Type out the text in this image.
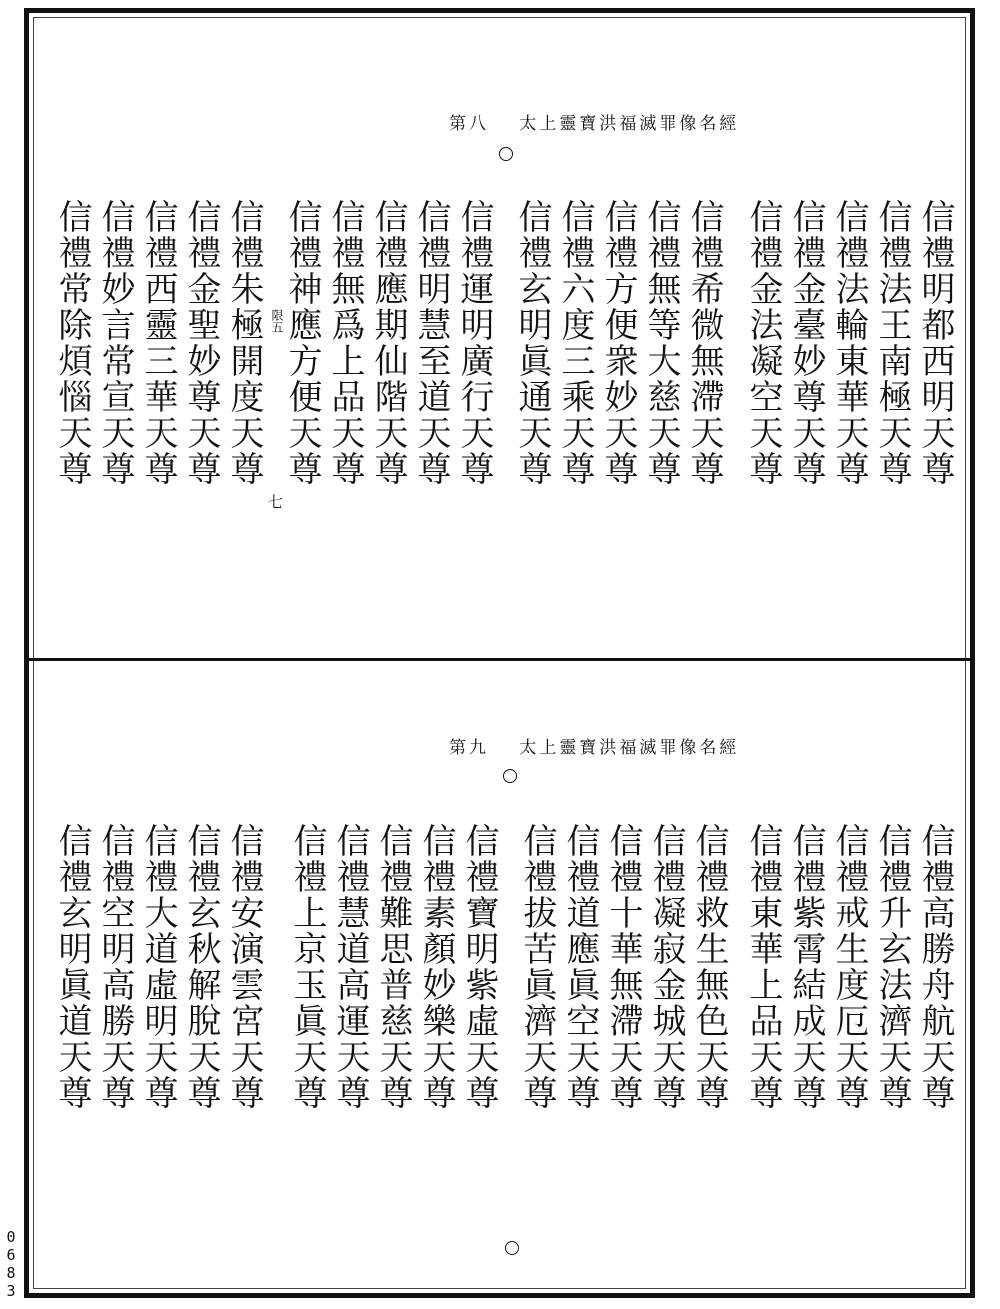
第八 太上靈寶洪福滅罪像名經
信禮明都西明天尊
信禮法王南極天尊
信禮法輪東華天尊
信禮金臺妙尊天尊
信禮金法凝空天尊
信禮希微無滯天尊
信禮無等大慈天尊
信禮方便衆妙天尊
信禮六度三乘天尊
信禮玄明眞通天尊
信禮運明廣行天尊
信禮明慧至道天尊
信禮應期仙階天尊
信禮無爲上品天尊
信禮神應方便天尊
信禮朱極開度天尊
信禮金聖妙尊天尊
信禮西靈三華天尊
信禮妙言常宣天尊
信禮常除煩惱天尊	限五
七
第九 太上靈寶洪福滅罪像名經
信禮高勝舟航天尊
信禮升玄法濟天尊
信禮戒生度厄天尊
信禮紫霄結成天尊
信禮東華上品天尊
信禮救生無色天尊
信禮凝寂金城天尊
信禮十華無滯天尊
信禮道應眞空天尊
信禮拔苦眞濟天尊
信禮寶明紫虛天尊
信禮素顏妙樂天尊
信禮難思普慈天尊
信禮慧道高運天尊
信禮上京玉眞天尊
信禮安演雲宮天尊
信禮玄秋解脫天尊
信禮大道虛明天尊
信禮空明高勝天尊
信禮玄明眞道天尊
0683
